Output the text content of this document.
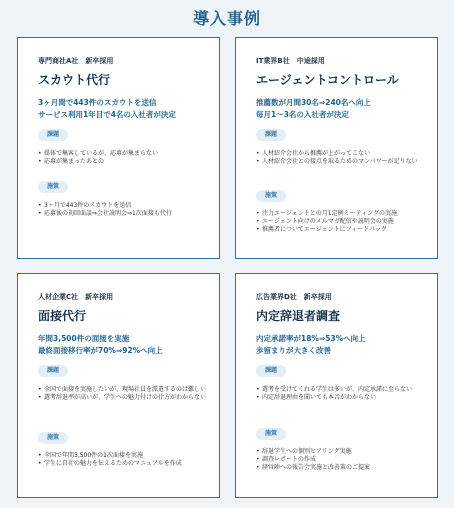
導入事例
専門商社A社　新卒採用
スカウト代行
3ヶ月間で443件のスカウトを送信
サービス利用1年目で4名の入社者が決定
課題
• 媒体で集客しているが、応募が集まらない
• 応募が集まったあとの
施策
• 3ヶ月で443件のスカウトを送信
• 応募後の初回面談⇒会社説明会⇒1次面接も代行
IT業界B社　中途採用
エージェントコントロール
推薦数が月間30名⇒240名へ向上
毎月1〜3名の入社者が決定
課題
• 人材紹介会社から推薦が上がってこない
• 人材紹介会社との接点を取るためのマンパワーが足りない
施策
• 注力エージェントとの月1定例ミーティングの実施
• エージェント向けのメルマガ配信や説明会の実施
• 推薦者についてエージェントにフィードバック
人材企業C社　新卒採用
面接代行
年間3,500件の面接を実施
最終面接移行率が70%⇒92%へ向上
課題
• 全国で面接を実施したいが、現場社員を派遣するのは難しい
• 選考辞退率が高いが、学生への魅力付けの仕方がわからない
施策
• 全国で年間3,500件の1次面接を実施
• 学生に自社の魅力を伝えるためのマニュアルを作成
広告業界D社　新卒採用
内定辞退者調査
内定承諾率が18%⇒53%へ向上
歩留まりが大きく改善
課題
• 選考を受けてくれる学生は多いが、内定承諾に至らない
• 内定辞退理由を聞いても本音がわからない
施策
• 辞退学生への個別ヒアリング実施
• 調査レポートの作成
• 経営陣への報告会実施と改善策のご提案
